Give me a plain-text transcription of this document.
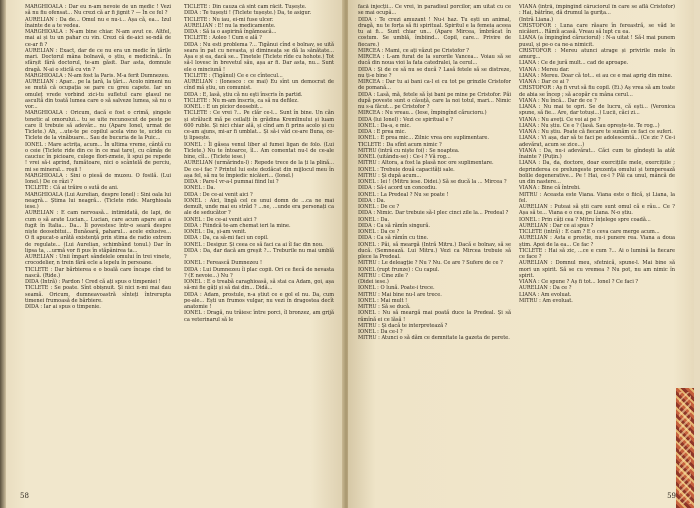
MARGHIOALA : Dar eu n-am nevoie de un medic ! Vezi să nu fiu ofensat... Nu crezi că ar fi jignit ? — În ce fel ?

AURELIAN : Da de... Omul nu e nu-i... Așa că, ea... Izul înainte de a te vedea.

MARGHIOALA : N-am bine chiar. N-am avut ce. Altfel, mai ai și tu un pahar cu vin. Crezi că de-aici se-ndă de ce-ar fi ?

AURELIAN : Exact, dar de ce nu era un medic în țările mari. Doctorul mâna bolnavă, o știu, e medicină... În sfârșit fără doctorul, te-am găsit. Dar asta, domnule dragă. N-ai o sticlă cu vin ?

MARGHIOALA : N-am fost la Paris. M-a ferit Dumnezeu.

AURELIAN : Apar... pe la țară, la țări... Acolo nimeni nu se mută că ocupația se pare cu greu capete. Iar un omuleț vrede vorbind zici-tu sufletul care glasul ne ascultă din toată lumea care o să salveze lumea, să nu o vor...

MARGHIOALA : Oricum, dacă e fost o crimă, șingele tenetic al omorului... tu se uite recunoscut de peste pe care îl trebuie să adevăr... nu (Apare Ionel, urmat de Ticlete.) Ah, ...ute-te pe copilul acela vino te, ucide cu Ticlete de la vinăbuare... Sau de bucuria de la Puic...

IONEL : Mare actrița, acum... În ultima vreme, cântă cu o ceie (Ticlete ride din ce în ce mai tare), cu cămăș de cauciuc în picioare, culege flori-zmeie, îi spui pe repede ! vrei să-i aprind, fumătoare, nici o scântelă de perciu, mi se mineral... roșii !

MARGHIOALA : Sini o piesă de muzeu. O fosilă. (Lui Ionel.) De ce râzi ?

TICLETE : Că ai trăire o sută de ani.

MARGHIOALA (Lui Aurelian, despre Ionel) : Sini oala lui neagră... Știma lui neagră... (Ticlete ride. Marghioala iese.)

AURELIAN : E cam nervoasă... intimidată, de lapi, de cum o să arate Lucian... Lucian, care acum apare ani a fugit în Italia... Da... Îl povestesc într-o seară despre niște deosebitui... Bunăoară, paharul... acele exlusive... O fi apucat-o arătă existență prin stima de radio extrem de regulate... (Lui Aurelian, schimbând tonul.) Dar în lipsa ta, ...urmă vor fi pus în stăpânirea ta...

AURELIAN : Unii împart sândelele omului în trei vinete, crocodelier, n trein fără ecle a lepelu în persoane.

TICLETE : Dar bărbierea e o boală care încape cînd te nască. (Ride.)

DIDA (Intră) : Pardon ! Cred că ați spus o timpeniei !

TICLETE : Se poate. Sînt obișnuit. Și nici n-mi mai dau seamă. Oricum, dumneavoastră sînteți întrerupta timenei frumoasă de bărbiere.

DIDA : Iar ai spus o timpenie.

TICLETE : Din cauza că sînt cam răcit. Tușește.

DIDA : Te tușești ! (Ticlete tușește.) Da, te asigur.

TICLETE : Nu iau, ei-mi fuse ulcer.

AURELIAN : E! nu la medicamente.

DIDA : Să ia o aspirină îngămoacă...

TICLETE : Aoleo ! Cum e ală ?

DIDA : Nu esti problema ?... Tigănui cînd e bolnav, se uită seara în pat cu nevasta, și dimineața se dă la sănătate... Așa e și ea, dacă se... Ținetele (Ticlete rîde cu hohote.) Tot să-l lovesc în brevetul său, așa ar fi. Dar asta, nu... Sunt ele o minciună !

TICLETE : (Tigănul) Ce e ce cîntecul...

AURELIAN : (Ionesco : ce mai) Eu sînt un democrat de cînd mă știu, un comunist.

DIDA : E, lasă, știu că nu eşti înscris în partid.

TICLETE : Nu m-am înscris, ca să nu defilez.

IONEL : E un picior deosebit...

TICLETE : Ce vrei ?... Pe clăr ce-l... Sunt în bine. Un căn și strălucit mă pe ceilalți în grădina Kremlinului și luam 600 ruble. Și nici chiar ală, și cînd am fi prins acolo și cu ce-am ajuns, mi-ar fi umblat... Și să-i văd ce-are Buna, ce-ți lipsește.

IONEL : Îl găsea venul liber al fumei ligan de folo. (Lui Ticlete.) Nu te întoarce, îl... Am comentat nu-l de ce-ale bine, cîl... (Ticlete iese.)

AURELIAN (urmărindu-l) : Repede trece de la ți la plină... De ce-i fac ? Printul lui este dezlăcat din mijlocul meu în așa fel, să nu te împiedic nicăieri... (Ionel.)

DIDA : Pare-l vr-a-l pumnai fiind lui ?

IONEL : Da.

DIDA : De ce-ai venit aici ?

IONEL : Aici, lingă cel ce unui domn de ...ca ne mai demult, unde mai eu străd ? ...ne, ...unde era personați ca ale de seducător ?

IONEL : De ce-ai venit aici ?

DIDA : Fiindcă te-am chemat ieri la mine.

IONEL : Da, și-am venit.

DIDA : Da, ca să-mi faci un copil.

IONEL : Desigur. Și ceea ce să faci ca ai îl fac din nou.

DIDA : Da, dar dacă am greșit ?... Treburile nu mai umblă ?

IONEL : Ferească Dumnezeu !

DIDA : Lui Dumnezeu îi plac copii. Ori ce fiecă de nevasta ? (E nevoie...) Nu ?

IONEL : E o treabă caraghioasă, să stai ca Adam, goi, așa să-mi fie găți și să dai din... Didă...

DIDA : Adam, prostule, n-a știut ce e gol el nu. Da, cum pe-ale... Ești un frumos vulgar, nu vezi în dragostea decît anatomie !

IONEL : Dragă, nu trăiesc între porci, îl bronzez, am grijă ca veterinarul să le

58

facă injecții... Ce vrei, în paradisul porcilor, am uitat cu ce se mai ocupă...

DIDA : Te crezi amuzant ! Nu-i haz. Tu ești un animal, dragă, nu te forța să fii spiritual. Spiritul e la femeia aceea tu ai fi... Sunt chiar un... (Apare Mircea, îmbrăcat în costum. Se umblă, îmbiind... Copil, care... Privire de fiecare.)

MIRCEA : Mami, ce ați văzut pe Cristofor ?

MIRCEA : L-am furat de la surorile Vancea... Voiau să se ducă din noua vioi la fata catedralei, la cerul...

DIDA : Și de ce să nu se ducă ? Lasă fetele să se distreze, nu ți-e bine ?

MIRCEA : Dar tu ai bani ca-l ei cu tot pe grinzile Cristofor de pomană...

DIDA : Lasă, mă, fetele să își bani pe mine pe Cristofor. Păi după poveste sunt o căsuță, care la noi totul, mari... Nimic nu s-a făcut... pe Cristofor ?

MIRCEA : Nu vreau... (Iese, împingînd cărucioru.)

DIDA (lui Ionel) : Vezi ce spiritual e ?

IONEL : Da-a, e mic.

DIDA : E prea mic.

IONEL : E prea mic... Zilnic vrea ore suplimentare.

TICLETE : Da sfînt acum nimic ?

MITRU (intră cu niște foi) : Se noaptea.

IONEL (uitându-se) : Ce-i ? Vă rog...

MITRU : Altora, a fost la plasă noc ore suplimentare.

IONEL : Trebuie două capacități sale.

MITRU : Și după acum...

IONEL : Iei ! (Mitru iese. Didei.) Să se ducă la ... Mircea ?

DIDA : Să-i acord un concediu.

IONEL : La Predeal ? Nu se poate !

DIDA : Da.

IONEL : De ce ?

DIDA : Nimic. Dar trebuie să-l plec cinci zile la... Predeal ?

IONEL : Da.

DIDA : Ca să rămîn singură.

IONEL : Da ce ?

DIDA : Ca să rămîn cu tine.

IONEL : Păi, să meargă (Intră Mitru.) Dacă e bolnav, să se ducă. (Semnează. Lui Mitru.) Vezi ca Mircea trebuie să plece la Predeal.

MITRU : Le deleagție ? Nu ? Nu. Ce are ? Sufere de ce ?

IONEL (rupt frunze) : Cu capul.

MITRU : Cine zile ?

(Didei iese.)

IONEL : O lună. Poate-i trece.

MITRU : Mai bine nu-l are trece.

IONEL : Mai mult !

MITRU : Să se ducă.

IONEL : Nu să meargă mai poată duce la Predeal. Și să rămînă ei ce lăsă !

MITRU : Și dacă te interpretează ?

IONEL : Da ce-l ?

MITRU : Atunci o să dăm ce demnitate la gazeta de perete.

VIANA (intră, împingînd căruciorul în care se află Cristofor) : Hai, bătrîne, dă drumul la gurița...

(Intră Liana.)

CRISTOFOR : Luna care răsare în fereastră, se văd le nicăieri... Rămîi acasă. Vreau să lupt cu ea.

LIANA (a împingînd căruciorul) : N-a uitat ! Să-l mai punem pusul, și pe-o ca ne-a nimicit.

CRISTOFOR : Mereu atunci atrage și privirile mele în amurg...

LIANA : Ce de jură mult... cad de aproape.

VIANA : Mereu dar.

LIANA : Mereu. Doar că tot... ei au ce e mai aprig din mine.

VIANA : Dar ce ai ?

CRISTOFOR : Aș fi vrut să fiu copil. (Ei.) Aș vrea să am toate de abia se încep ; să acopăr cu mâna cerul...

VIANA : Nu încă... Dar de ce ?

LIANA : Nu mai te opri. Se de lucru, că ești... (Veronica spune, să fie... Are, dar totuși...) Lucii, căci zi...

VIANA : Nu aveți. Ce voi ai pe ?

LIANA : Nu știu. Ce e ? (Iasă. Sau oprește-te. Te rog...)

VIANA : Nu știu. Poate că fiecare te sunăm ce faci ce suferi.

LIANA : Vi așa, dar să te faci pe adolescentă... (Ce zic ? Ce-i adevărat, acum se zice...)

VIANA : Da, nu-i adevărat... Căci cum te gîndești la atât înainte ? (Puțin.)

LIANA : Da, da, doctore, doar exercițiile mele, exercițiile ; deprinderea ce prelungeste prezența omului și temperează bolile degenerative... Pe ! Hai, ce-i ? Păi ca unul, mâncă de un din nastere...

VIANA : Bine că întrebi.

MITRU : Aceasta este Viana. Viana este o fiică, și Liana, la fel.

AURELIAN : Puteai să știi care sunt omul că e râu... Ce ? Așa să te... Viana e o cea, pe Liana. N-o știu.

IONEL : Prin câți cea ? Mitru înțelege spre coadă...

AURELIAN : Dar ce ai spus ?

TICLETE (intră) : E cam ? E o ceva care merge acum...

AURELIAN : Asta e prostie, nu-i punere rea. Viana a doua știm. Apoi de la ea... Ce fac ?

TICLETE : Hai să zic, ...ce e cum ?... Ai o lumină la fiecare ce face ?

AURELIAN : Domnul meu, sfetnică, spune-l. Mai bine să mori un spirit. Să se cu vremea ? Nu pot, nu am nimic în spirit.

VIANA : Ce spune ? Aș fi tot... Ionel ? Ce faci ?

AURELIAN : Da ce ?

LIANA : Am evoluat.

MITRU : Am evoluat.

59
